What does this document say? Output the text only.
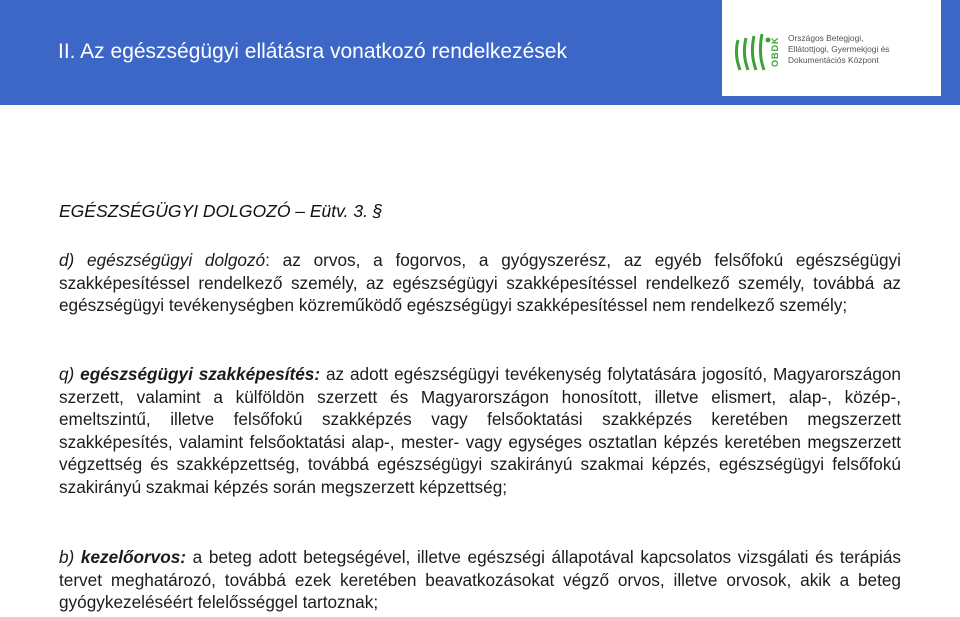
II. Az egészségügyi ellátásra vonatkozó rendelkezések	OBDK Országos Betegjogi,
Ellátottjogi, Gyermekjogi és
Dokumentációs Központ
EGÉSZSÉGÜGYI DOLGOZÓ – Eütv. 3. §

d) egészségügyi dolgozó: az orvos, a fogorvos, a gyógyszerész, az egyéb felsőfokú egészségügyi szakképesítéssel rendelkező személy, az egészségügyi szakképesítéssel rendelkező személy, továbbá az egészségügyi tevékenységben közreműködő egészségügyi szakképesítéssel nem rendelkező személy;

q) egészségügyi szakképesítés: az adott egészségügyi tevékenység folytatására jogosító, Magyarországon szerzett, valamint a külföldön szerzett és Magyarországon honosított, illetve elismert, alap-, közép-, emeltszintű, illetve felsőfokú szakképzés vagy felsőoktatási szakképzés keretében megszerzett szakképesítés, valamint felsőoktatási alap-, mester- vagy egységes osztatlan képzés keretében megszerzett végzettség és szakképzettség, továbbá egészségügyi szakirányú szakmai képzés, egészségügyi felsőfokú szakirányú szakmai képzés során megszerzett képzettség;

b) kezelőorvos: a beteg adott betegségével, illetve egészségi állapotával kapcsolatos vizsgálati és terápiás tervet meghatározó, továbbá ezek keretében beavatkozásokat végző orvos, illetve orvosok, akik a beteg gyógykezeléséért felelősséggel tartoznak;
